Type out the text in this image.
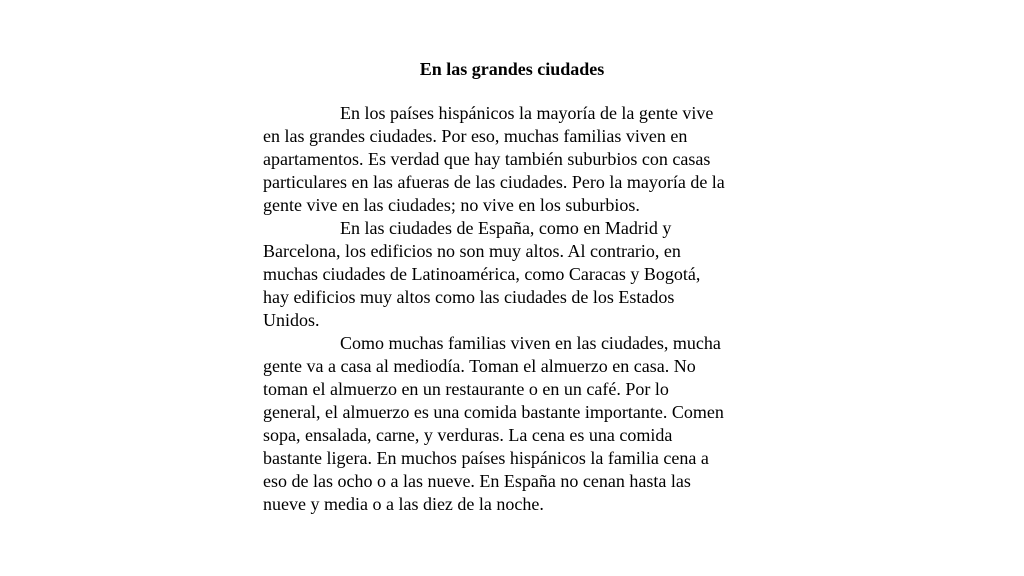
En las grandes ciudades
En los países hispánicos la mayoría de la gente vive
en las grandes ciudades. Por eso, muchas familias viven en
apartamentos. Es verdad que hay también suburbios con casas
particulares en las afueras de las ciudades. Pero la mayoría de la
gente vive en las ciudades; no vive en los suburbios.
En las ciudades de España, como en Madrid y
Barcelona, los edificios no son muy altos. Al contrario, en
muchas ciudades de Latinoamérica, como Caracas y Bogotá,
hay edificios muy altos como las ciudades de los Estados
Unidos.
Como muchas familias viven en las ciudades, mucha
gente va a casa al mediodía. Toman el almuerzo en casa. No
toman el almuerzo en un restaurante o en un café. Por lo
general, el almuerzo es una comida bastante importante. Comen
sopa, ensalada, carne, y verduras. La cena es una comida
bastante ligera. En muchos países hispánicos la familia cena a
eso de las ocho o a las nueve. En España no cenan hasta las
nueve y media o a las diez de la noche.
